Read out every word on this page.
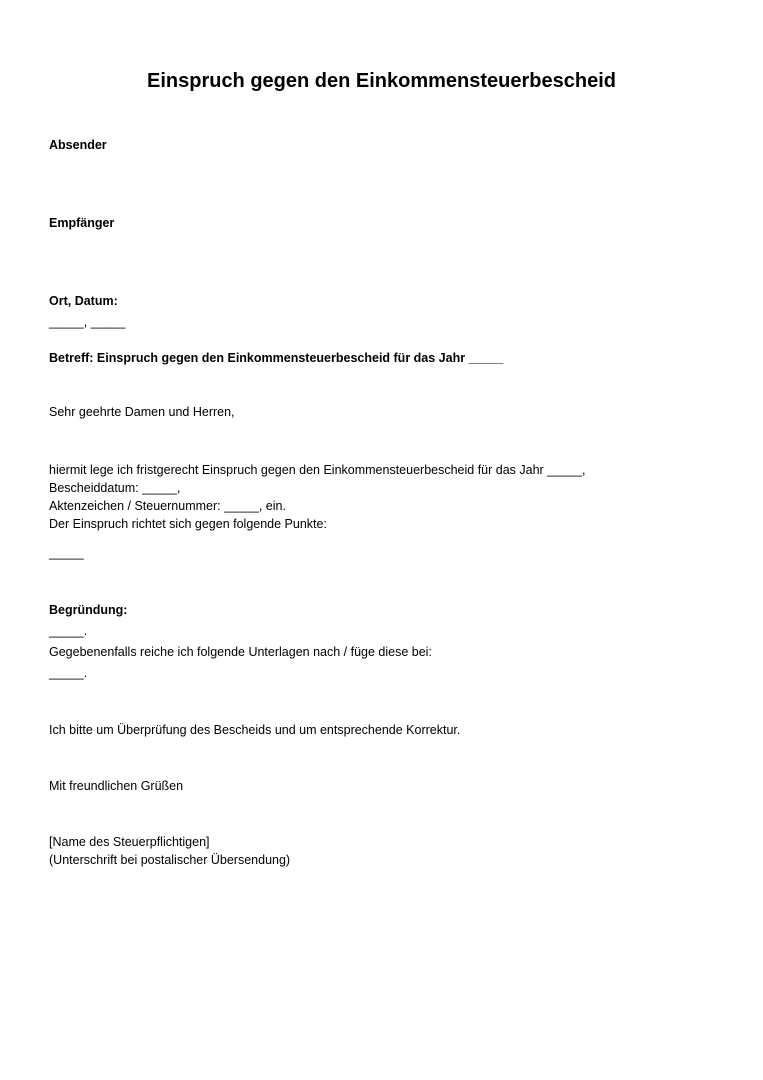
Einspruch gegen den Einkommensteuerbescheid
Absender
Empfänger
Ort, Datum:
_____, _____
Betreff: Einspruch gegen den Einkommensteuerbescheid für das Jahr _____
Sehr geehrte Damen und Herren,
hiermit lege ich fristgerecht Einspruch gegen den Einkommensteuerbescheid für das Jahr _____,
Bescheiddatum: _____,
Aktenzeichen / Steuernummer: _____, ein.
Der Einspruch richtet sich gegen folgende Punkte:
_____
Begründung:
_____.
Gegebenenfalls reiche ich folgende Unterlagen nach / füge diese bei:
_____.
Ich bitte um Überprüfung des Bescheids und um entsprechende Korrektur.
Mit freundlichen Grüßen
[Name des Steuerpflichtigen]
(Unterschrift bei postalischer Übersendung)
